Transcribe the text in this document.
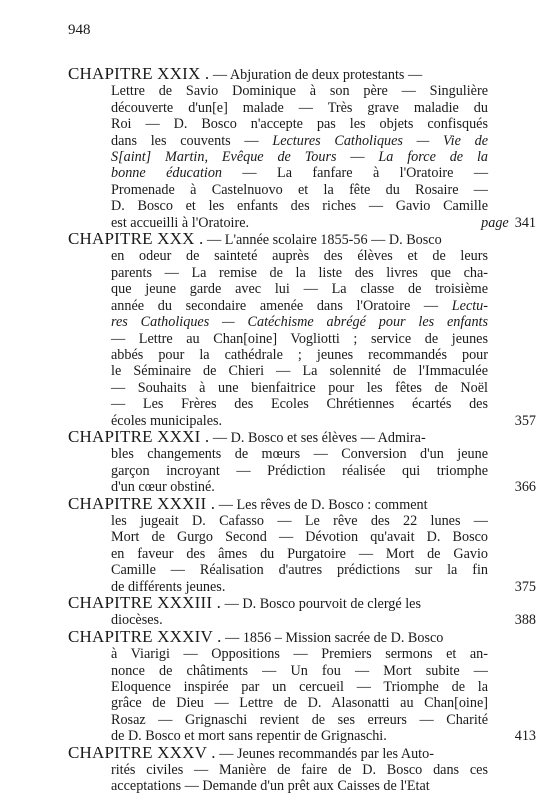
948
CHAPITRE XXIX . — Abjuration de deux protestants —
Lettre de Savio Dominique à son père — Singulière
découverte d'un[e] malade — Très grave maladie du
Roi — D. Bosco n'accepte pas les objets confisqués
dans les couvents — Lectures Catholiques — Vie de
S[aint] Martin, Evêque de Tours — La force de la
bonne éducation — La fanfare à l'Oratoire —
Promenade à Castelnuovo et la fête du Rosaire —
D. Bosco et les enfants des riches — Gavio Camille
est accueilli à l'Oratoire.	page 341
CHAPITRE XXX . — L'année scolaire 1855-56 — D. Bosco
en odeur de sainteté auprès des élèves et de leurs
parents — La remise de la liste des livres que cha-
que jeune garde avec lui — La classe de troisième
année du secondaire amenée dans l'Oratoire — Lectu-
res Catholiques — Catéchisme abrégé pour les enfants
— Lettre au Chan[oine] Vogliotti ; service de jeunes
abbés pour la cathédrale ; jeunes recommandés pour
le Séminaire de Chieri — La solennité de l'Immaculée
— Souhaits à une bienfaitrice pour les fêtes de Noël
— Les Frères des Ecoles Chrétiennes écartés des
écoles municipales.	357
CHAPITRE XXXI . — D. Bosco et ses élèves — Admira-
bles changements de mœurs — Conversion d'un jeune
garçon incroyant — Prédiction réalisée qui triomphe
d'un cœur obstiné.	366
CHAPITRE XXXII . — Les rêves de D. Bosco : comment
les jugeait D. Cafasso — Le rêve des 22 lunes —
Mort de Gurgo Second — Dévotion qu'avait D. Bosco
en faveur des âmes du Purgatoire — Mort de Gavio
Camille — Réalisation d'autres prédictions sur la fin
de différents jeunes.	375
CHAPITRE XXXIII . — D. Bosco pourvoit de clergé les
diocèses.	388
CHAPITRE XXXIV . — 1856 – Mission sacrée de D. Bosco
à Viarigi — Oppositions — Premiers sermons et an-
nonce de châtiments — Un fou — Mort subite —
Eloquence inspirée par un cercueil — Triomphe de la
grâce de Dieu — Lettre de D. Alasonatti au Chan[oine]
Rosaz — Grignaschi revient de ses erreurs — Charité
de D. Bosco et mort sans repentir de Grignaschi.	413
CHAPITRE XXXV . — Jeunes recommandés par les Auto-
rités civiles — Manière de faire de D. Bosco dans ces
acceptations — Demande d'un prêt aux Caisses de l'Etat
